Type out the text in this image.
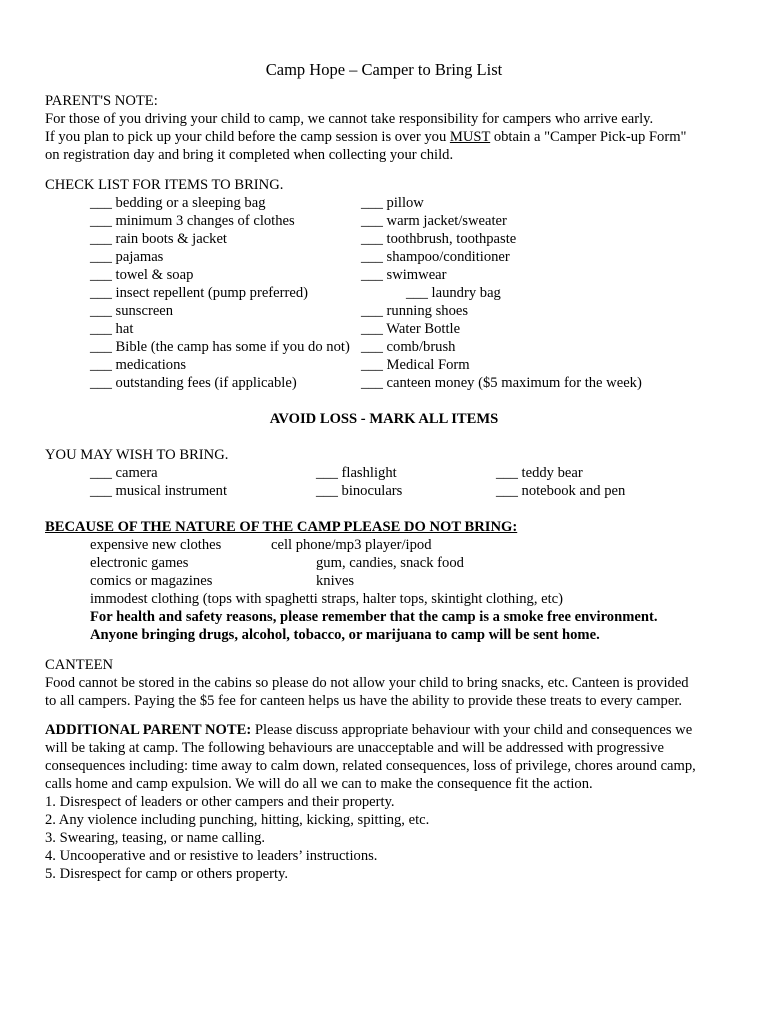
Camp Hope – Camper to Bring List
PARENT'S NOTE:
For those of you driving your child to camp, we cannot take responsibility for campers who arrive early.
If you plan to pick up your child before the camp session is over you MUST obtain a "Camper Pick-up Form"
on registration day and bring it completed when collecting your child.
CHECK LIST FOR ITEMS TO BRING.
___ bedding or a sleeping bag
___ minimum 3 changes of clothes
___ rain boots & jacket
___ pajamas
___ towel & soap
___ insect repellent (pump preferred)
___ sunscreen
___ hat
___ Bible (the camp has some if you do not)
___ medications
___ outstanding fees (if applicable)
___ pillow
___ warm jacket/sweater
___ toothbrush, toothpaste
___ shampoo/conditioner
___ swimwear
___ laundry bag
___ running shoes
___ Water Bottle
___ comb/brush
___ Medical Form
___ canteen money ($5 maximum for the week)
AVOID LOSS - MARK ALL ITEMS
YOU MAY WISH TO BRING.
___ camera	___ flashlight	___ teddy bear
___ musical instrument	___ binoculars	___ notebook and pen
BECAUSE OF THE NATURE OF THE CAMP PLEASE DO NOT BRING:
expensive new clothes	cell phone/mp3 player/ipod
electronic games	gum, candies, snack food
comics or magazines	knives
immodest clothing (tops with spaghetti straps, halter tops, skintight clothing, etc)
For health and safety reasons, please remember that the camp is a smoke free environment.
Anyone bringing drugs, alcohol, tobacco, or marijuana to camp will be sent home.
CANTEEN
Food cannot be stored in the cabins so please do not allow your child to bring snacks, etc. Canteen is provided
to all campers. Paying the $5 fee for canteen helps us have the ability to provide these treats to every camper.
ADDITIONAL PARENT NOTE: Please discuss appropriate behaviour with your child and consequences we
will be taking at camp. The following behaviours are unacceptable and will be addressed with progressive
consequences including: time away to calm down, related consequences, loss of privilege, chores around camp,
calls home and camp expulsion. We will do all we can to make the consequence fit the action.
1. Disrespect of leaders or other campers and their property.
2. Any violence including punching, hitting, kicking, spitting, etc.
3. Swearing, teasing, or name calling.
4. Uncooperative and or resistive to leaders’ instructions.
5. Disrespect for camp or others property.
